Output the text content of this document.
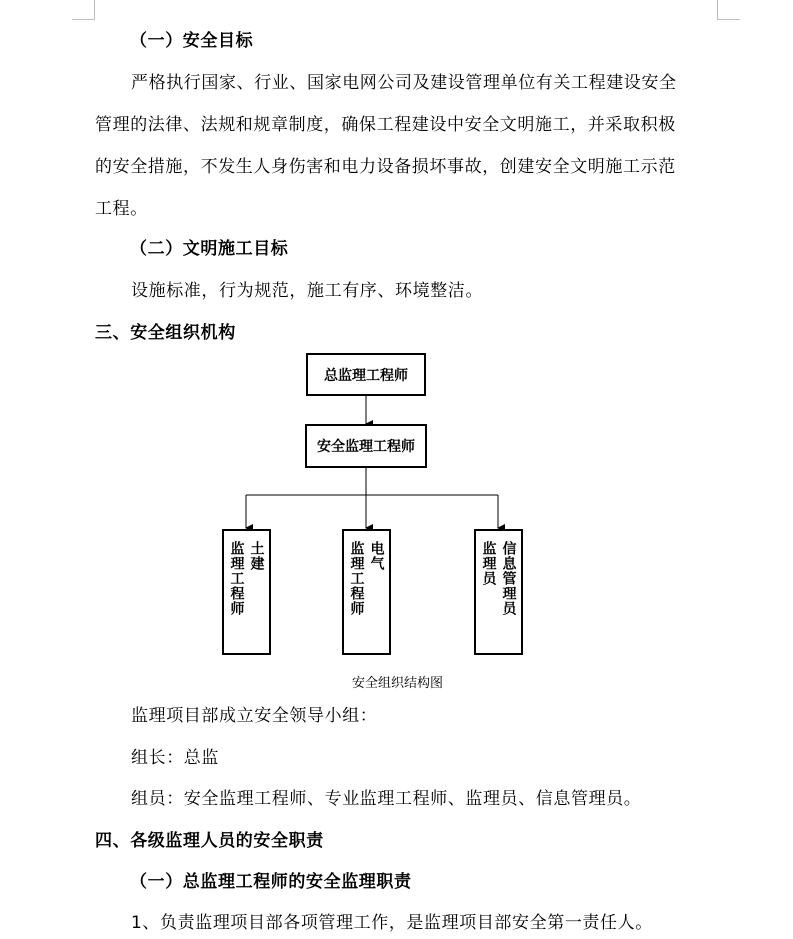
（一）安全目标
严格执行国家、行业、国家电网公司及建设管理单位有关工程建设安全
管理的法律、法规和规章制度，确保工程建设中安全文明施工，并采取积极
的安全措施，不发生人身伤害和电力设备损坏事故，创建安全文明施工示范
工程。
（二）文明施工目标
设施标准，行为规范，施工有序、环境整洁。
三、安全组织机构
总监理工程师
安全监理工程师
土建
监理工程师	电气
监理工程师	信息管理员
监理员
安全组织结构图
监理项目部成立安全领导小组：
组长：总监
组员：安全监理工程师、专业监理工程师、监理员、信息管理员。
四、各级监理人员的安全职责
（一）总监理工程师的安全监理职责
1、负责监理项目部各项管理工作，是监理项目部安全第一责任人。
